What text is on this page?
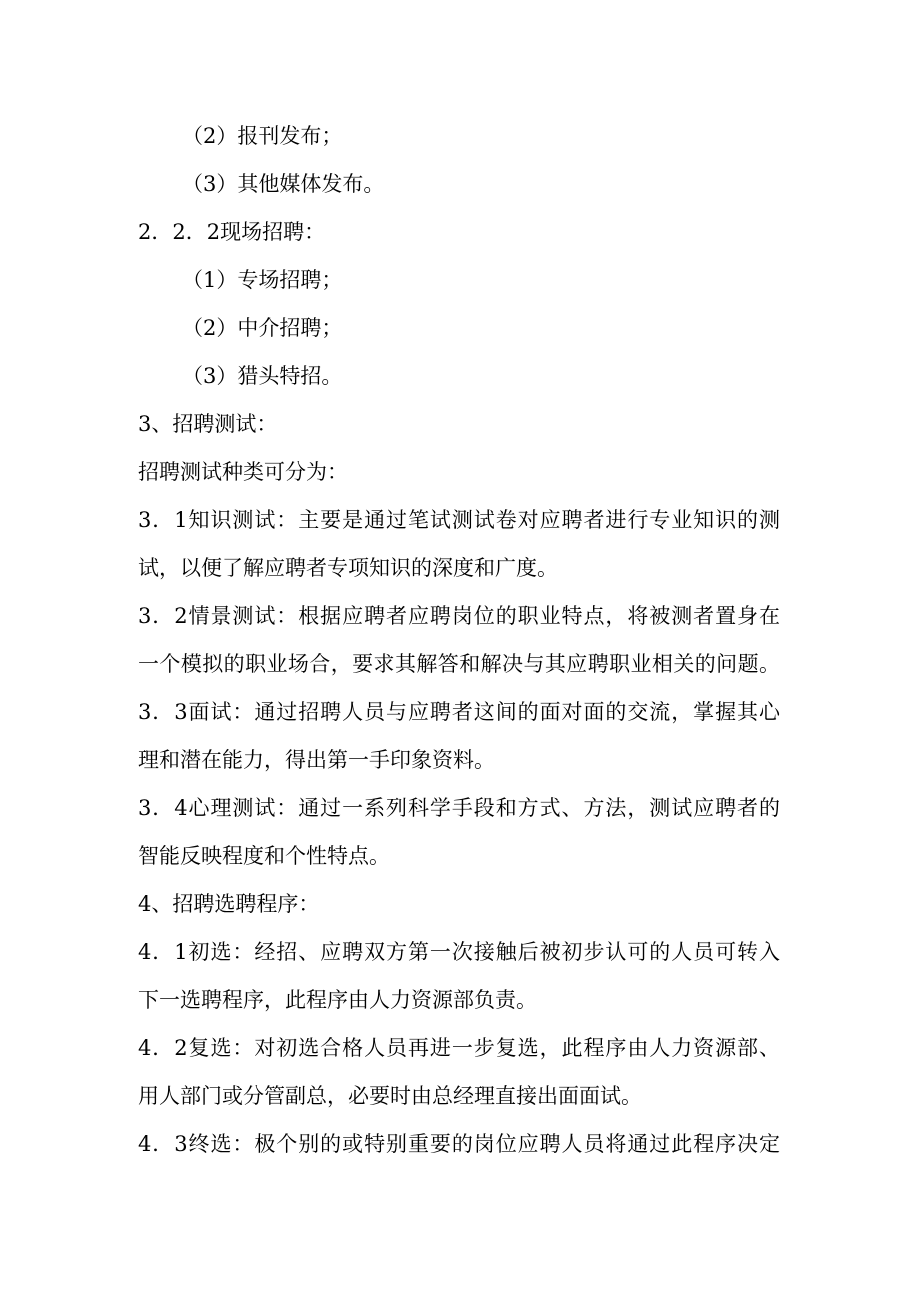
（2）报刊发布；
（3）其他媒体发布。
2．2．2现场招聘：
（1）专场招聘；
（2）中介招聘；
（3）猎头特招。
3、招聘测试：
招聘测试种类可分为：
3．1知识测试：主要是通过笔试测试卷对应聘者进行专业知识的测
试，以便了解应聘者专项知识的深度和广度。
3．2情景测试：根据应聘者应聘岗位的职业特点，将被测者置身在
一个模拟的职业场合，要求其解答和解决与其应聘职业相关的问题。
3．3面试：通过招聘人员与应聘者这间的面对面的交流，掌握其心
理和潜在能力，得出第一手印象资料。
3．4心理测试：通过一系列科学手段和方式、方法，测试应聘者的
智能反映程度和个性特点。
4、招聘选聘程序：
4．1初选：经招、应聘双方第一次接触后被初步认可的人员可转入
下一选聘程序，此程序由人力资源部负责。
4．2复选：对初选合格人员再进一步复选，此程序由人力资源部、
用人部门或分管副总，必要时由总经理直接出面面试。
4．3终选：极个别的或特别重要的岗位应聘人员将通过此程序决定
